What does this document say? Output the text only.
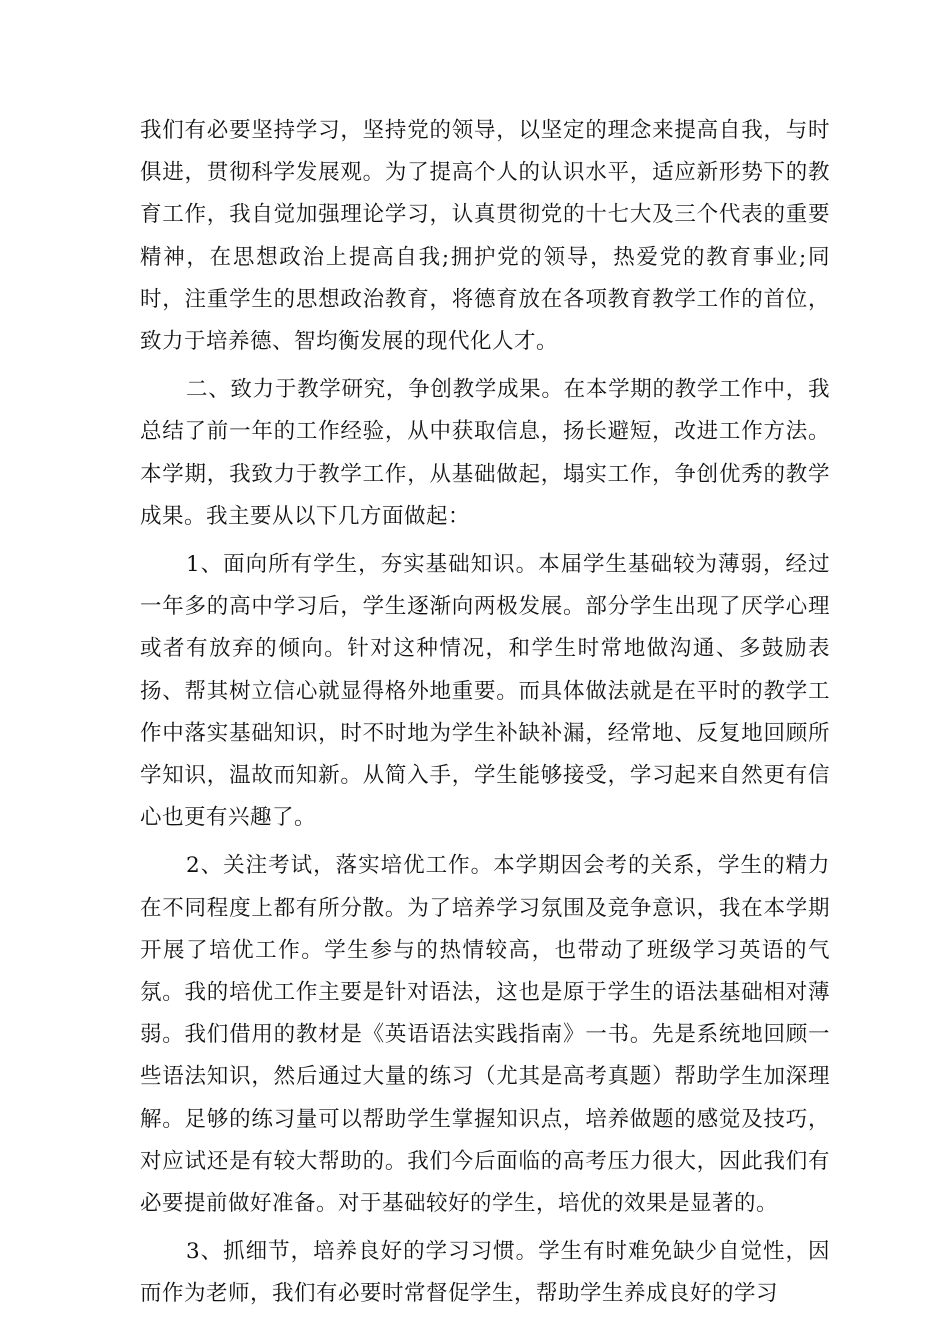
我们有必要坚持学习，坚持党的领导，以坚定的理念来提高自我，与时俱进，贯彻科学发展观。为了提高个人的认识水平，适应新形势下的教育工作，我自觉加强理论学习，认真贯彻党的十七大及三个代表的重要精神，在思想政治上提高自我;拥护党的领导，热爱党的教育事业;同时，注重学生的思想政治教育，将德育放在各项教育教学工作的首位，致力于培养德、智均衡发展的现代化人才。

二、致力于教学研究，争创教学成果。在本学期的教学工作中，我总结了前一年的工作经验，从中获取信息，扬长避短，改进工作方法。本学期，我致力于教学工作，从基础做起，塌实工作，争创优秀的教学成果。我主要从以下几方面做起：

1、面向所有学生，夯实基础知识。本届学生基础较为薄弱，经过一年多的高中学习后，学生逐渐向两极发展。部分学生出现了厌学心理或者有放弃的倾向。针对这种情况，和学生时常地做沟通、多鼓励表扬、帮其树立信心就显得格外地重要。而具体做法就是在平时的教学工作中落实基础知识，时不时地为学生补缺补漏，经常地、反复地回顾所学知识，温故而知新。从简入手，学生能够接受，学习起来自然更有信心也更有兴趣了。

2、关注考试，落实培优工作。本学期因会考的关系，学生的精力在不同程度上都有所分散。为了培养学习氛围及竞争意识，我在本学期开展了培优工作。学生参与的热情较高，也带动了班级学习英语的气氛。我的培优工作主要是针对语法，这也是原于学生的语法基础相对薄弱。我们借用的教材是《英语语法实践指南》一书。先是系统地回顾一些语法知识，然后通过大量的练习（尤其是高考真题）帮助学生加深理解。足够的练习量可以帮助学生掌握知识点，培养做题的感觉及技巧，对应试还是有较大帮助的。我们今后面临的高考压力很大，因此我们有必要提前做好准备。对于基础较好的学生，培优的效果是显著的。

3、抓细节，培养良好的学习习惯。学生有时难免缺少自觉性，因而作为老师，我们有必要时常督促学生，帮助学生养成良好的学习
